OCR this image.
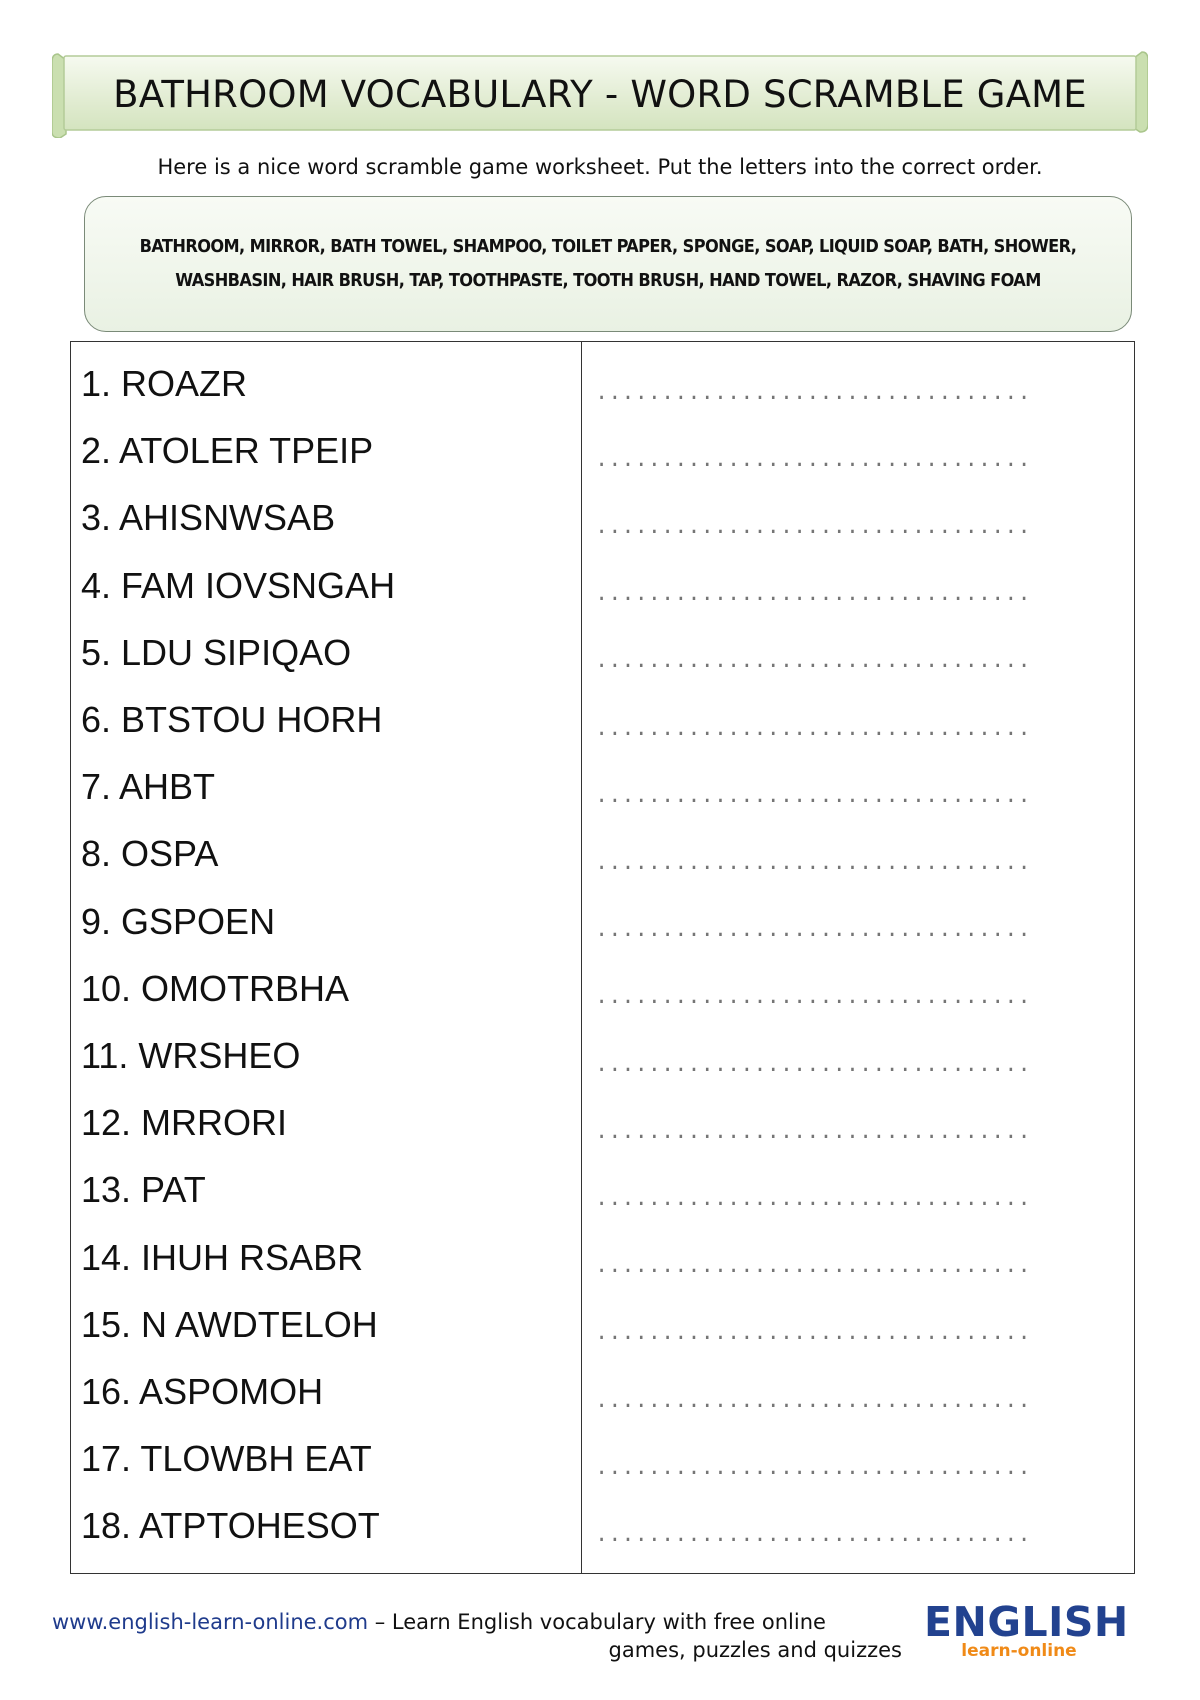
BATHROOM VOCABULARY - WORD SCRAMBLE GAME
Here is a nice word scramble game worksheet. Put the letters into the correct order.
BATHROOM, MIRROR, BATH TOWEL, SHAMPOO, TOILET PAPER, SPONGE, SOAP, LIQUID SOAP, BATH, SHOWER, WASHBASIN, HAIR BRUSH, TAP, TOOTHPASTE, TOOTH BRUSH, HAND TOWEL, RAZOR, SHAVING FOAM
1. ROAZR
...................................
2. ATOLER TPEIP
...................................
3. AHISNWSAB
...................................
4. FAM IOVSNGAH
...................................
5. LDU SIPIQAO
...................................
6. BTSTOU HORH
...................................
7. AHBT
...................................
8. OSPA
...................................
9. GSPOEN
...................................
10. OMOTRBHA
...................................
11. WRSHEO
...................................
12. MRRORI
...................................
13. PAT
...................................
14. IHUH RSABR
...................................
15. N AWDTELOH
...................................
16. ASPOMOH
...................................
17. TLOWBH EAT
...................................
18. ATPTOHESOT
...................................
www.english-learn-online.com – Learn English vocabulary with free online
games, puzzles and quizzes
ENGLISH
learn-online
